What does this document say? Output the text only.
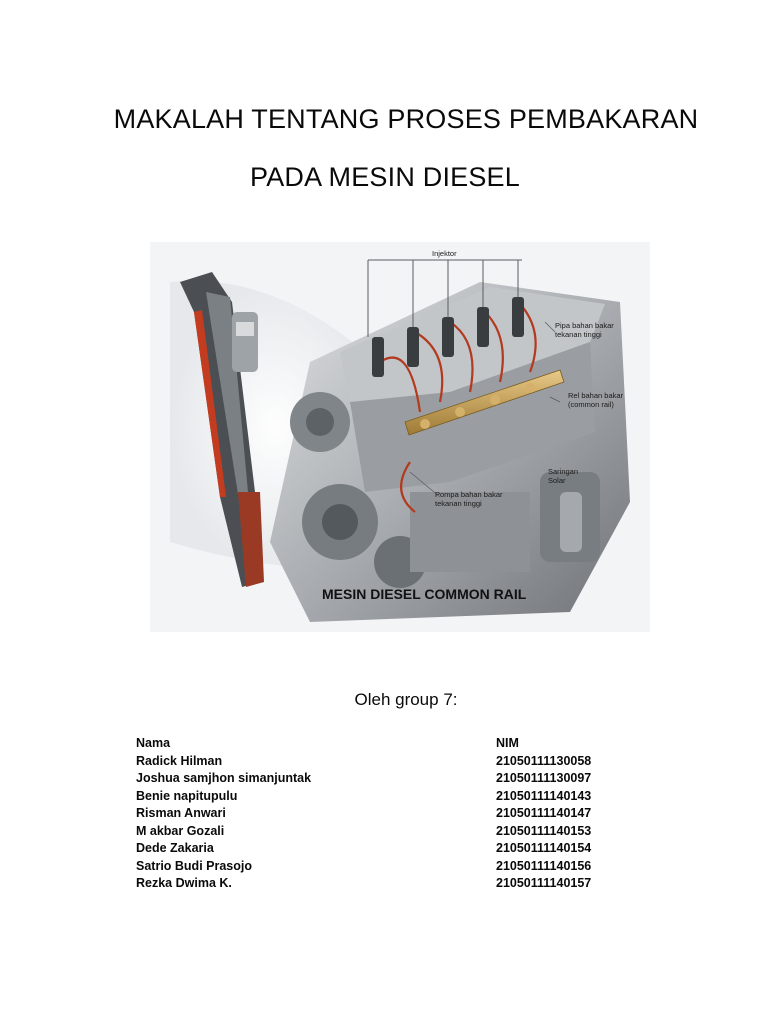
MAKALAH TENTANG PROSES PEMBAKARAN
PADA MESIN DIESEL
Injektor
Pipa bahan bakar
tekanan tinggi
Rel bahan bakar
(common rail)
Pompa bahan bakar
tekanan tinggi
Saringan
Solar
MESIN DIESEL COMMON RAIL
Oleh group 7:
Nama	NIM
Radick Hilman	21050111130058
Joshua samjhon simanjuntak	21050111130097
Benie napitupulu	21050111140143
Risman Anwari	21050111140147
M akbar Gozali	21050111140153
Dede Zakaria	21050111140154
Satrio Budi Prasojo	21050111140156
Rezka Dwima K.	21050111140157
